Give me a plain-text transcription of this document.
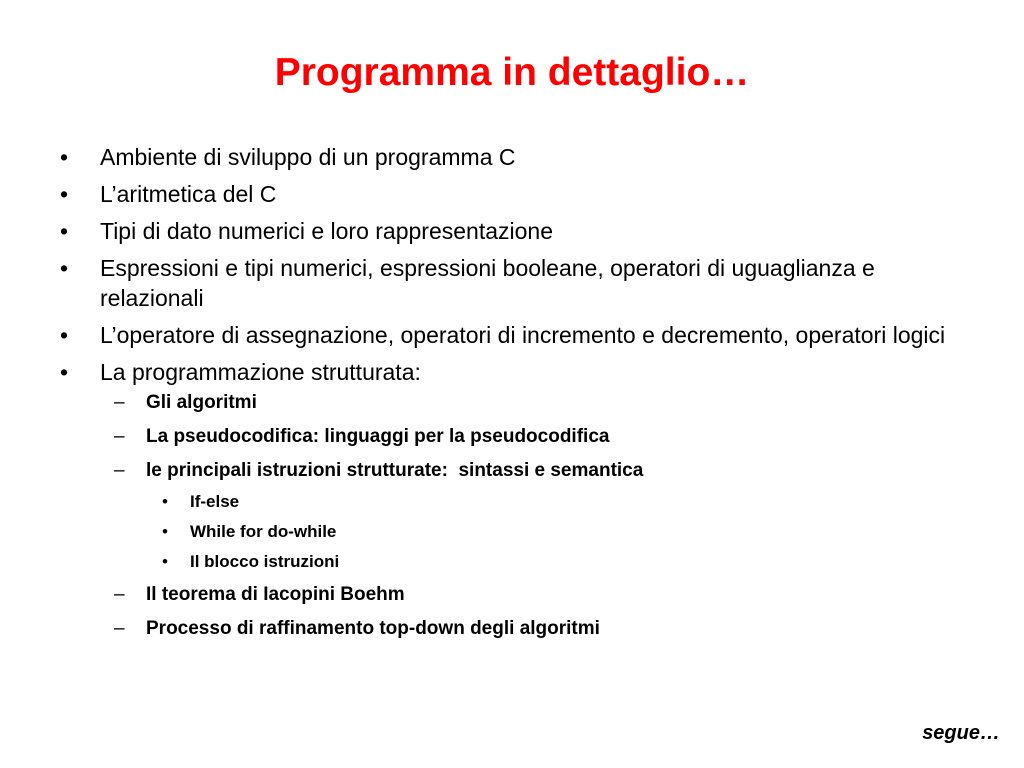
Programma in dettaglio…
• Ambiente di sviluppo di un programma C
• L’aritmetica del C
• Tipi di dato numerici e loro rappresentazione
• Espressioni e tipi numerici, espressioni booleane, operatori di uguaglianza e relazionali
• L’operatore di assegnazione, operatori di incremento e decremento, operatori logici
• La programmazione strutturata:
– Gli algoritmi
– La pseudocodifica: linguaggi per la pseudocodifica
– le principali istruzioni strutturate:  sintassi e semantica
• If-else
• While for do-while
• Il blocco istruzioni
– Il teorema di Iacopini Boehm
– Processo di raffinamento top-down degli algoritmi
segue…
